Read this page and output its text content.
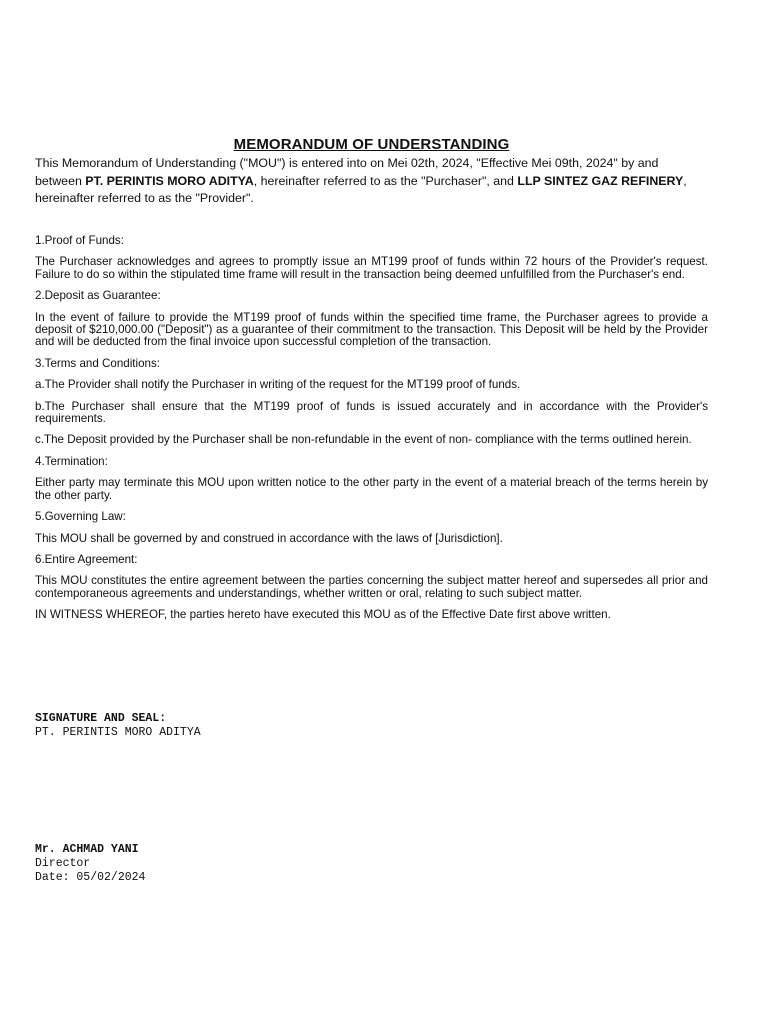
MEMORANDUM OF UNDERSTANDING
This Memorandum of Understanding ("MOU") is entered into on Mei 02th, 2024, "Effective Mei 09th, 2024" by and between PT. PERINTIS MORO ADITYA, hereinafter referred to as the "Purchaser", and LLP SINTEZ GAZ REFINERY, hereinafter referred to as the "Provider".

1.Proof of Funds:

The Purchaser acknowledges and agrees to promptly issue an MT199 proof of funds within 72 hours of the Provider's request. Failure to do so within the stipulated time frame will result in the transaction being deemed unfulfilled from the Purchaser's end.

2.Deposit as Guarantee:

In the event of failure to provide the MT199 proof of funds within the specified time frame, the Purchaser agrees to provide a deposit of $210,000.00 ("Deposit") as a guarantee of their commitment to the transaction. This Deposit will be held by the Provider and will be deducted from the final invoice upon successful completion of the transaction.

3.Terms and Conditions:

a.The Provider shall notify the Purchaser in writing of the request for the MT199 proof of funds.

b.The Purchaser shall ensure that the MT199 proof of funds is issued accurately and in accordance with the Provider's requirements.

c.The Deposit provided by the Purchaser shall be non-refundable in the event of non- compliance with the terms outlined herein.

4.Termination:

Either party may terminate this MOU upon written notice to the other party in the event of a material breach of the terms herein by the other party.

5.Governing Law:

This MOU shall be governed by and construed in accordance with the laws of [Jurisdiction].

6.Entire Agreement:

This MOU constitutes the entire agreement between the parties concerning the subject matter hereof and supersedes all prior and contemporaneous agreements and understandings, whether written or oral, relating to such subject matter.

IN WITNESS WHEREOF, the parties hereto have executed this MOU as of the Effective Date first above written.

SIGNATURE AND SEAL:
PT. PERINTIS MORO ADITYA
Mr. ACHMAD YANI
Director
Date: 05/02/2024
